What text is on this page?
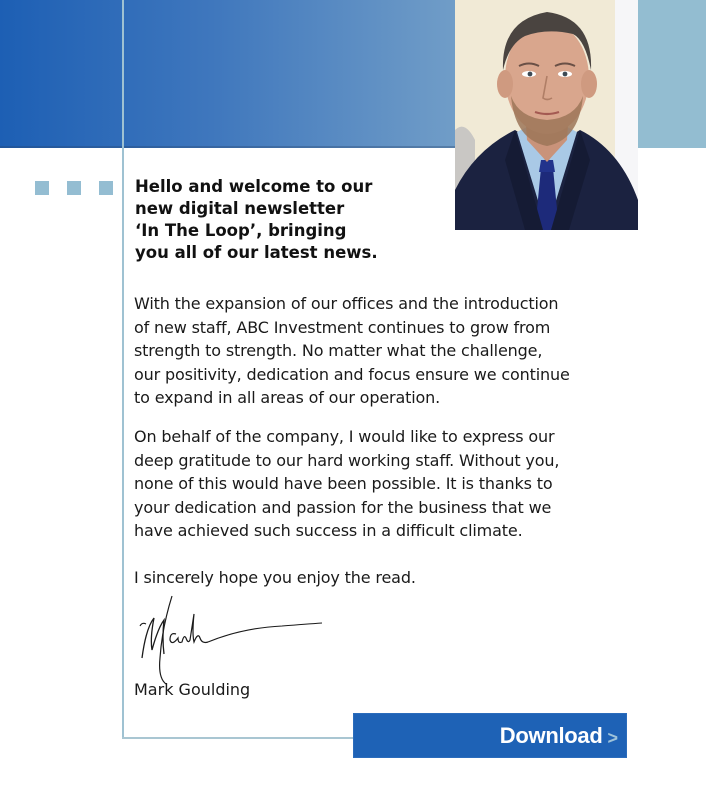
Hello and welcome to our
new digital newsletter
‘In The Loop’, bringing
you all of our latest news.
With the expansion of our offices and the introduction
of new staff, ABC Investment continues to grow from
strength to strength. No matter what the challenge,
our positivity, dedication and focus ensure we continue
to expand in all areas of our operation.
On behalf of the company, I would like to express our
deep gratitude to our hard working staff. Without you,
none of this would have been possible. It is thanks to
your dedication and passion for the business that we
have achieved such success in a difficult climate.
I sincerely hope you enjoy the read.
Mark Goulding
Download >
